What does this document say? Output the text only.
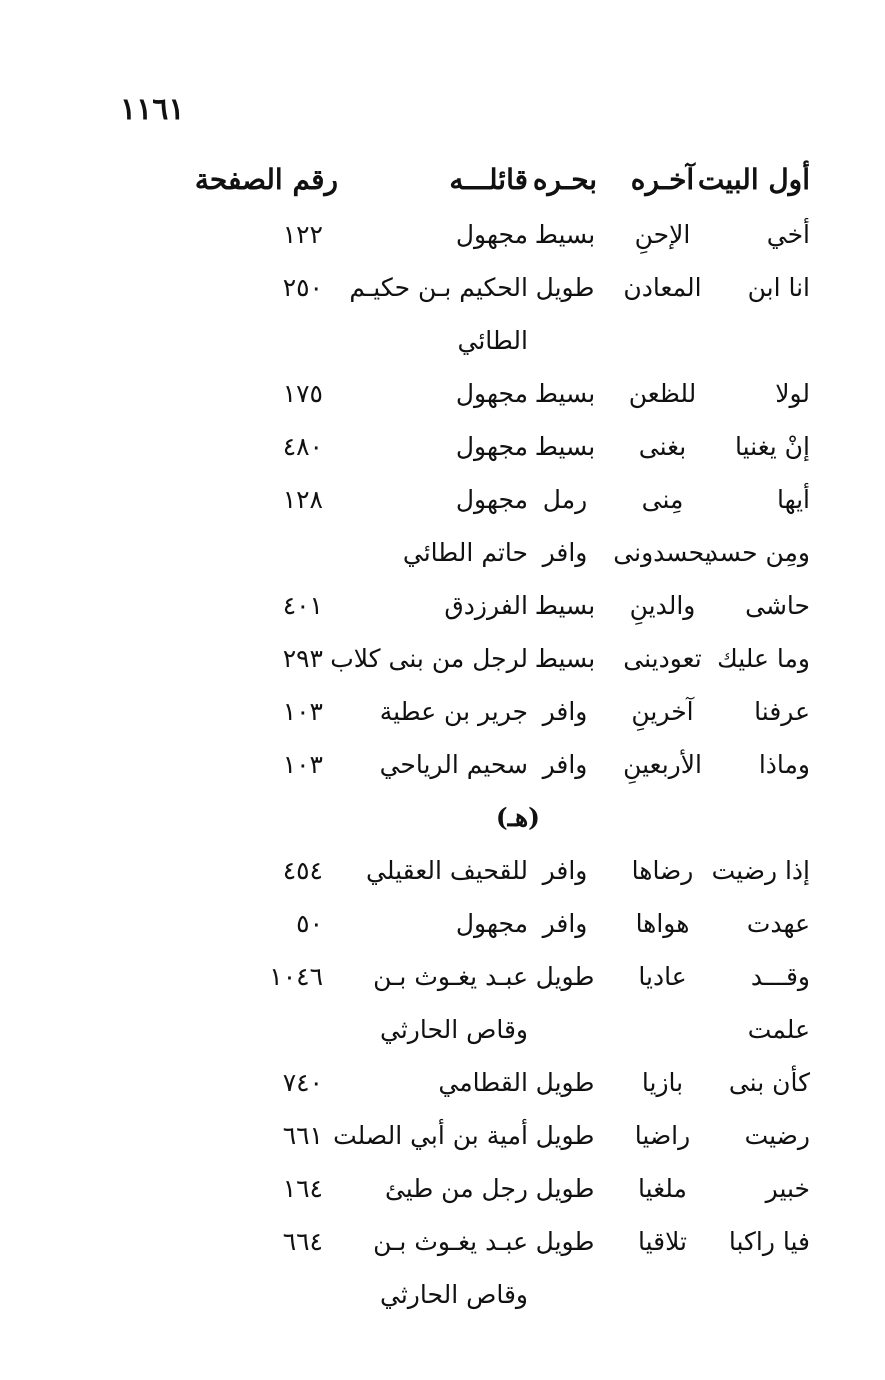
١١٦١
أول البيت
آخـره
بحـره
قائلـــه
رقم الصفحة
أخي
الإحنِ
بسيط
مجهول
١٢٢
انا ابن
المعادن
طويل
الحكيم بـن حكيـم
٢٥٠
الطائي
لولا
للظعن
بسيط
مجهول
١٧٥
إنْ يغنيا
بغنى
بسيط
مجهول
٤٨٠
أيها
مِنى
رمل
مجهول
١٢٨
ومِن حسد
يحسدونى
وافر
حاتم الطائي
حاشى
والدينِ
بسيط
الفرزدق
٤٠١
وما عليك
تعودينى
بسيط
لرجل من بنى كلاب
٢٩٣
عرفنا
آخرينِ
وافر
جرير بن عطية
١٠٣
وماذا
الأربعينِ
وافر
سحيم الرياحي
١٠٣
(هـ)
إذا رضيت
رضاها
وافر
للقحيف العقيلي
٤٥٤
عهدت
هواها
وافر
مجهول
٥٠
وقـــد
عاديا
طويل
عبـد يغـوث بـن
١٠٤٦
علمت
وقاص الحارثي
كأن بنى
بازيا
طويل
القطامي
٧٤٠
رضيت
راضيا
طويل
أمية بن أبي الصلت
٦٦١
خبير
ملغيا
طويل
رجل من طيئ
١٦٤
فيا راكبا
تلاقيا
طويل
عبـد يغـوث بـن
٦٦٤
وقاص الحارثي
